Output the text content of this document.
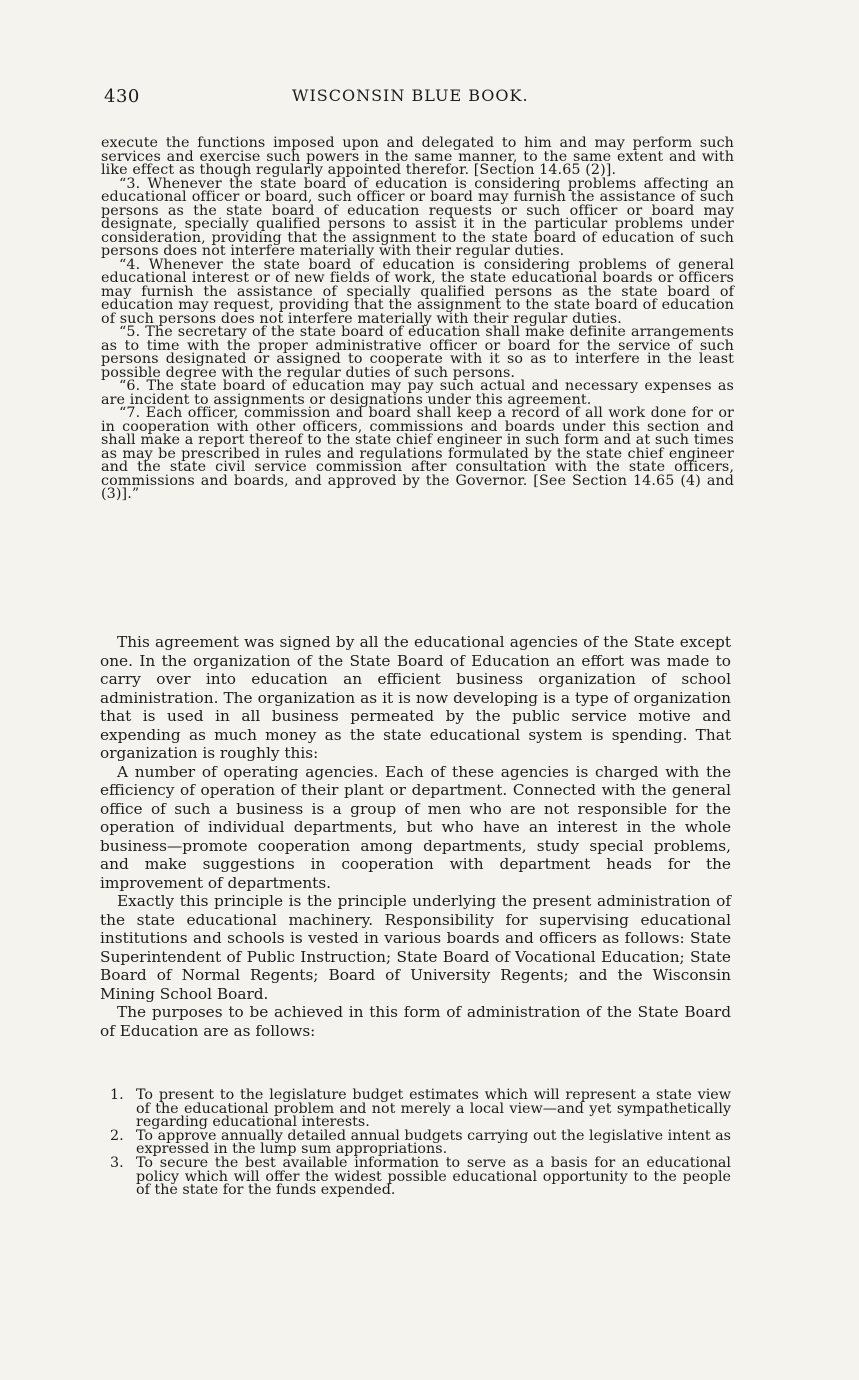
430	WISCONSIN BLUE BOOK.

execute the functions imposed upon and delegated to him and may perform such services and exercise such powers in the same manner, to the same extent and with like effect as though regularly appointed therefor. [Section 14.65 (2)].

“3. Whenever the state board of education is considering problems affecting an educational officer or board, such officer or board may furnish the assistance of such persons as the state board of education requests or such officer or board may designate, specially qualified persons to assist it in the particular problems under consideration, providing that the assignment to the state board of education of such persons does not interfere materially with their regular duties.

“4. Whenever the state board of education is considering problems of general educational interest or of new fields of work, the state educational boards or officers may furnish the assistance of specially qualified persons as the state board of education may request, providing that the assignment to the state board of education of such persons does not interfere materially with their regular duties.

“5. The secretary of the state board of education shall make definite arrangements as to time with the proper administrative officer or board for the service of such persons designated or assigned to cooperate with it so as to interfere in the least possible degree with the regular duties of such persons.

“6. The state board of education may pay such actual and necessary expenses as are incident to assignments or designations under this agreement.

“7. Each officer, commission and board shall keep a record of all work done for or in cooperation with other officers, commissions and boards under this section and shall make a report thereof to the state chief engineer in such form and at such times as may be prescribed in rules and regulations formulated by the state chief engineer and the state civil service commission after consultation with the state officers, commissions and boards, and approved by the Governor. [See Section 14.65 (4) and (3)].”

This agreement was signed by all the educational agencies of the State except one. In the organization of the State Board of Education an effort was made to carry over into education an efficient business organization of school administration. The organization as it is now developing is a type of organization that is used in all business permeated by the public service motive and expending as much money as the state educational system is spending. That organization is roughly this:

A number of operating agencies. Each of these agencies is charged with the efficiency of operation of their plant or department. Connected with the general office of such a business is a group of men who are not responsible for the operation of individual departments, but who have an interest in the whole business—promote cooperation among departments, study special problems, and make suggestions in cooperation with department heads for the improvement of departments.

Exactly this principle is the principle underlying the present administration of the state educational machinery. Responsibility for supervising educational institutions and schools is vested in various boards and officers as follows: State Superintendent of Public Instruction; State Board of Vocational Education; State Board of Normal Regents; Board of University Regents; and the Wisconsin Mining School Board.

The purposes to be achieved in this form of administration of the State Board of Education are as follows:

1. To present to the legislature budget estimates which will represent a state view of the educational problem and not merely a local view—and yet sympathetically regarding educational interests.
2. To approve annually detailed annual budgets carrying out the legislative intent as expressed in the lump sum appropriations.
3. To secure the best available information to serve as a basis for an educational policy which will offer the widest possible educational opportunity to the people of the state for the funds expended.
